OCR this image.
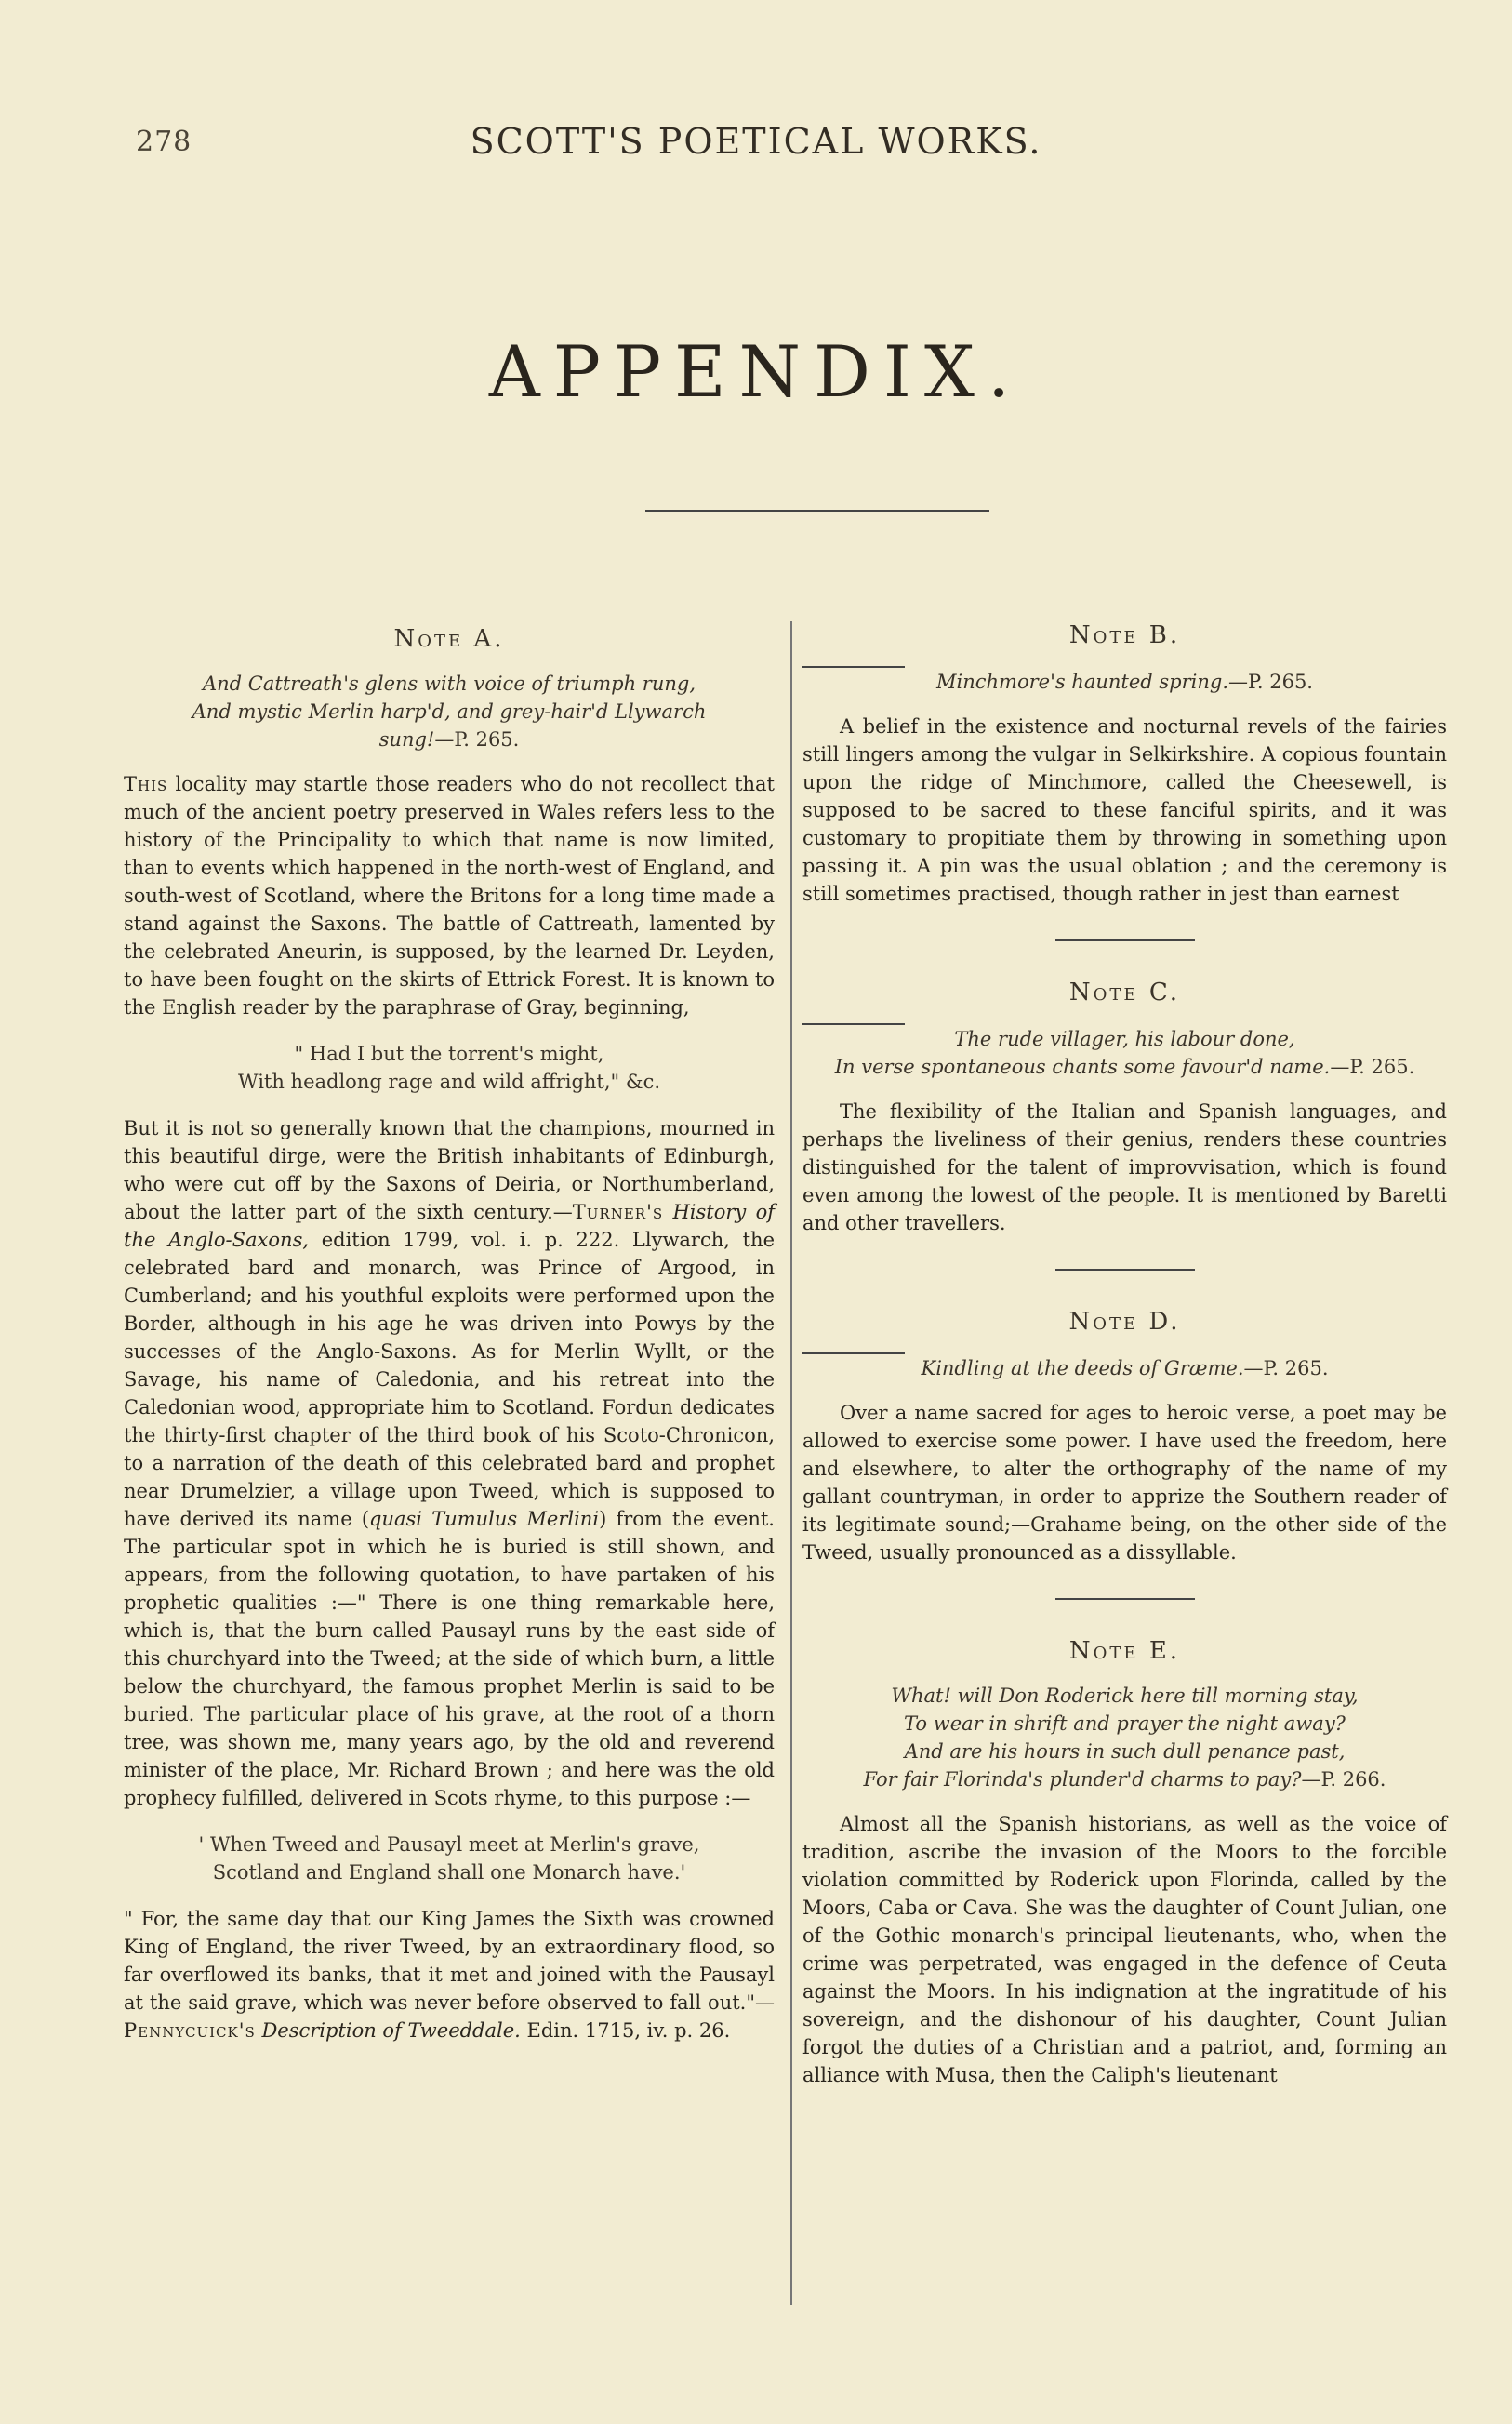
278	SCOTT'S POETICAL WORKS.
APPENDIX.
Note A.
And Cattreath's glens with voice of triumph rung,
And mystic Merlin harp'd, and grey-hair'd Llywarch
sung!—P. 265.

This locality may startle those readers who do not recollect that much of the ancient poetry preserved in Wales refers less to the history of the Principality to which that name is now limited, than to events which happened in the north-west of England, and south-west of Scotland, where the Britons for a long time made a stand against the Saxons. The battle of Cattreath, lamented by the celebrated Aneurin, is supposed, by the learned Dr. Leyden, to have been fought on the skirts of Ettrick Forest. It is known to the English reader by the paraphrase of Gray, beginning,

" Had I but the torrent's might,
With headlong rage and wild affright," &c.

But it is not so generally known that the champions, mourned in this beautiful dirge, were the British inhabitants of Edinburgh, who were cut off by the Saxons of Deiria, or Northumberland, about the latter part of the sixth century.—Turner's History of the Anglo-Saxons, edition 1799, vol. i. p. 222. Llywarch, the celebrated bard and monarch, was Prince of Argood, in Cumberland; and his youthful exploits were performed upon the Border, although in his age he was driven into Powys by the successes of the Anglo-Saxons. As for Merlin Wyllt, or the Savage, his name of Caledonia, and his retreat into the Caledonian wood, appropriate him to Scotland. Fordun dedicates the thirty-first chapter of the third book of his Scoto-Chronicon, to a narration of the death of this celebrated bard and prophet near Drumelzier, a village upon Tweed, which is supposed to have derived its name (quasi Tumulus Merlini) from the event. The particular spot in which he is buried is still shown, and appears, from the following quotation, to have partaken of his prophetic qualities :—" There is one thing remarkable here, which is, that the burn called Pausayl runs by the east side of this churchyard into the Tweed; at the side of which burn, a little below the churchyard, the famous prophet Merlin is said to be buried. The particular place of his grave, at the root of a thorn tree, was shown me, many years ago, by the old and reverend minister of the place, Mr. Richard Brown ; and here was the old prophecy fulfilled, delivered in Scots rhyme, to this purpose :—

' When Tweed and Pausayl meet at Merlin's grave,
Scotland and England shall one Monarch have.'

" For, the same day that our King James the Sixth was crowned King of England, the river Tweed, by an extraordinary flood, so far overflowed its banks, that it met and joined with the Pausayl at the said grave, which was never before observed to fall out."—Pennycuick's Description of Tweeddale. Edin. 1715, iv. p. 26.

Note B.
Minchmore's haunted spring.—P. 265.

A belief in the existence and nocturnal revels of the fairies still lingers among the vulgar in Selkirkshire. A copious fountain upon the ridge of Minchmore, called the Cheesewell, is supposed to be sacred to these fanciful spirits, and it was customary to propitiate them by throwing in something upon passing it. A pin was the usual oblation ; and the ceremony is still sometimes practised, though rather in jest than earnest

Note C.
The rude villager, his labour done,
In verse spontaneous chants some favour'd name.—P. 265.

The flexibility of the Italian and Spanish languages, and perhaps the liveliness of their genius, renders these countries distinguished for the talent of improvvisation, which is found even among the lowest of the people. It is mentioned by Baretti and other travellers.

Note D.
Kindling at the deeds of Græme.—P. 265.

Over a name sacred for ages to heroic verse, a poet may be allowed to exercise some power. I have used the freedom, here and elsewhere, to alter the orthography of the name of my gallant countryman, in order to apprize the Southern reader of its legitimate sound;—Grahame being, on the other side of the Tweed, usually pronounced as a dissyllable.

Note E.
What! will Don Roderick here till morning stay,
To wear in shrift and prayer the night away?
And are his hours in such dull penance past,
For fair Florinda's plunder'd charms to pay?—P. 266.

Almost all the Spanish historians, as well as the voice of tradition, ascribe the invasion of the Moors to the forcible violation committed by Roderick upon Florinda, called by the Moors, Caba or Cava. She was the daughter of Count Julian, one of the Gothic monarch's principal lieutenants, who, when the crime was perpetrated, was engaged in the defence of Ceuta against the Moors. In his indignation at the ingratitude of his sovereign, and the dishonour of his daughter, Count Julian forgot the duties of a Christian and a patriot, and, forming an alliance with Musa, then the Caliph's lieutenant
